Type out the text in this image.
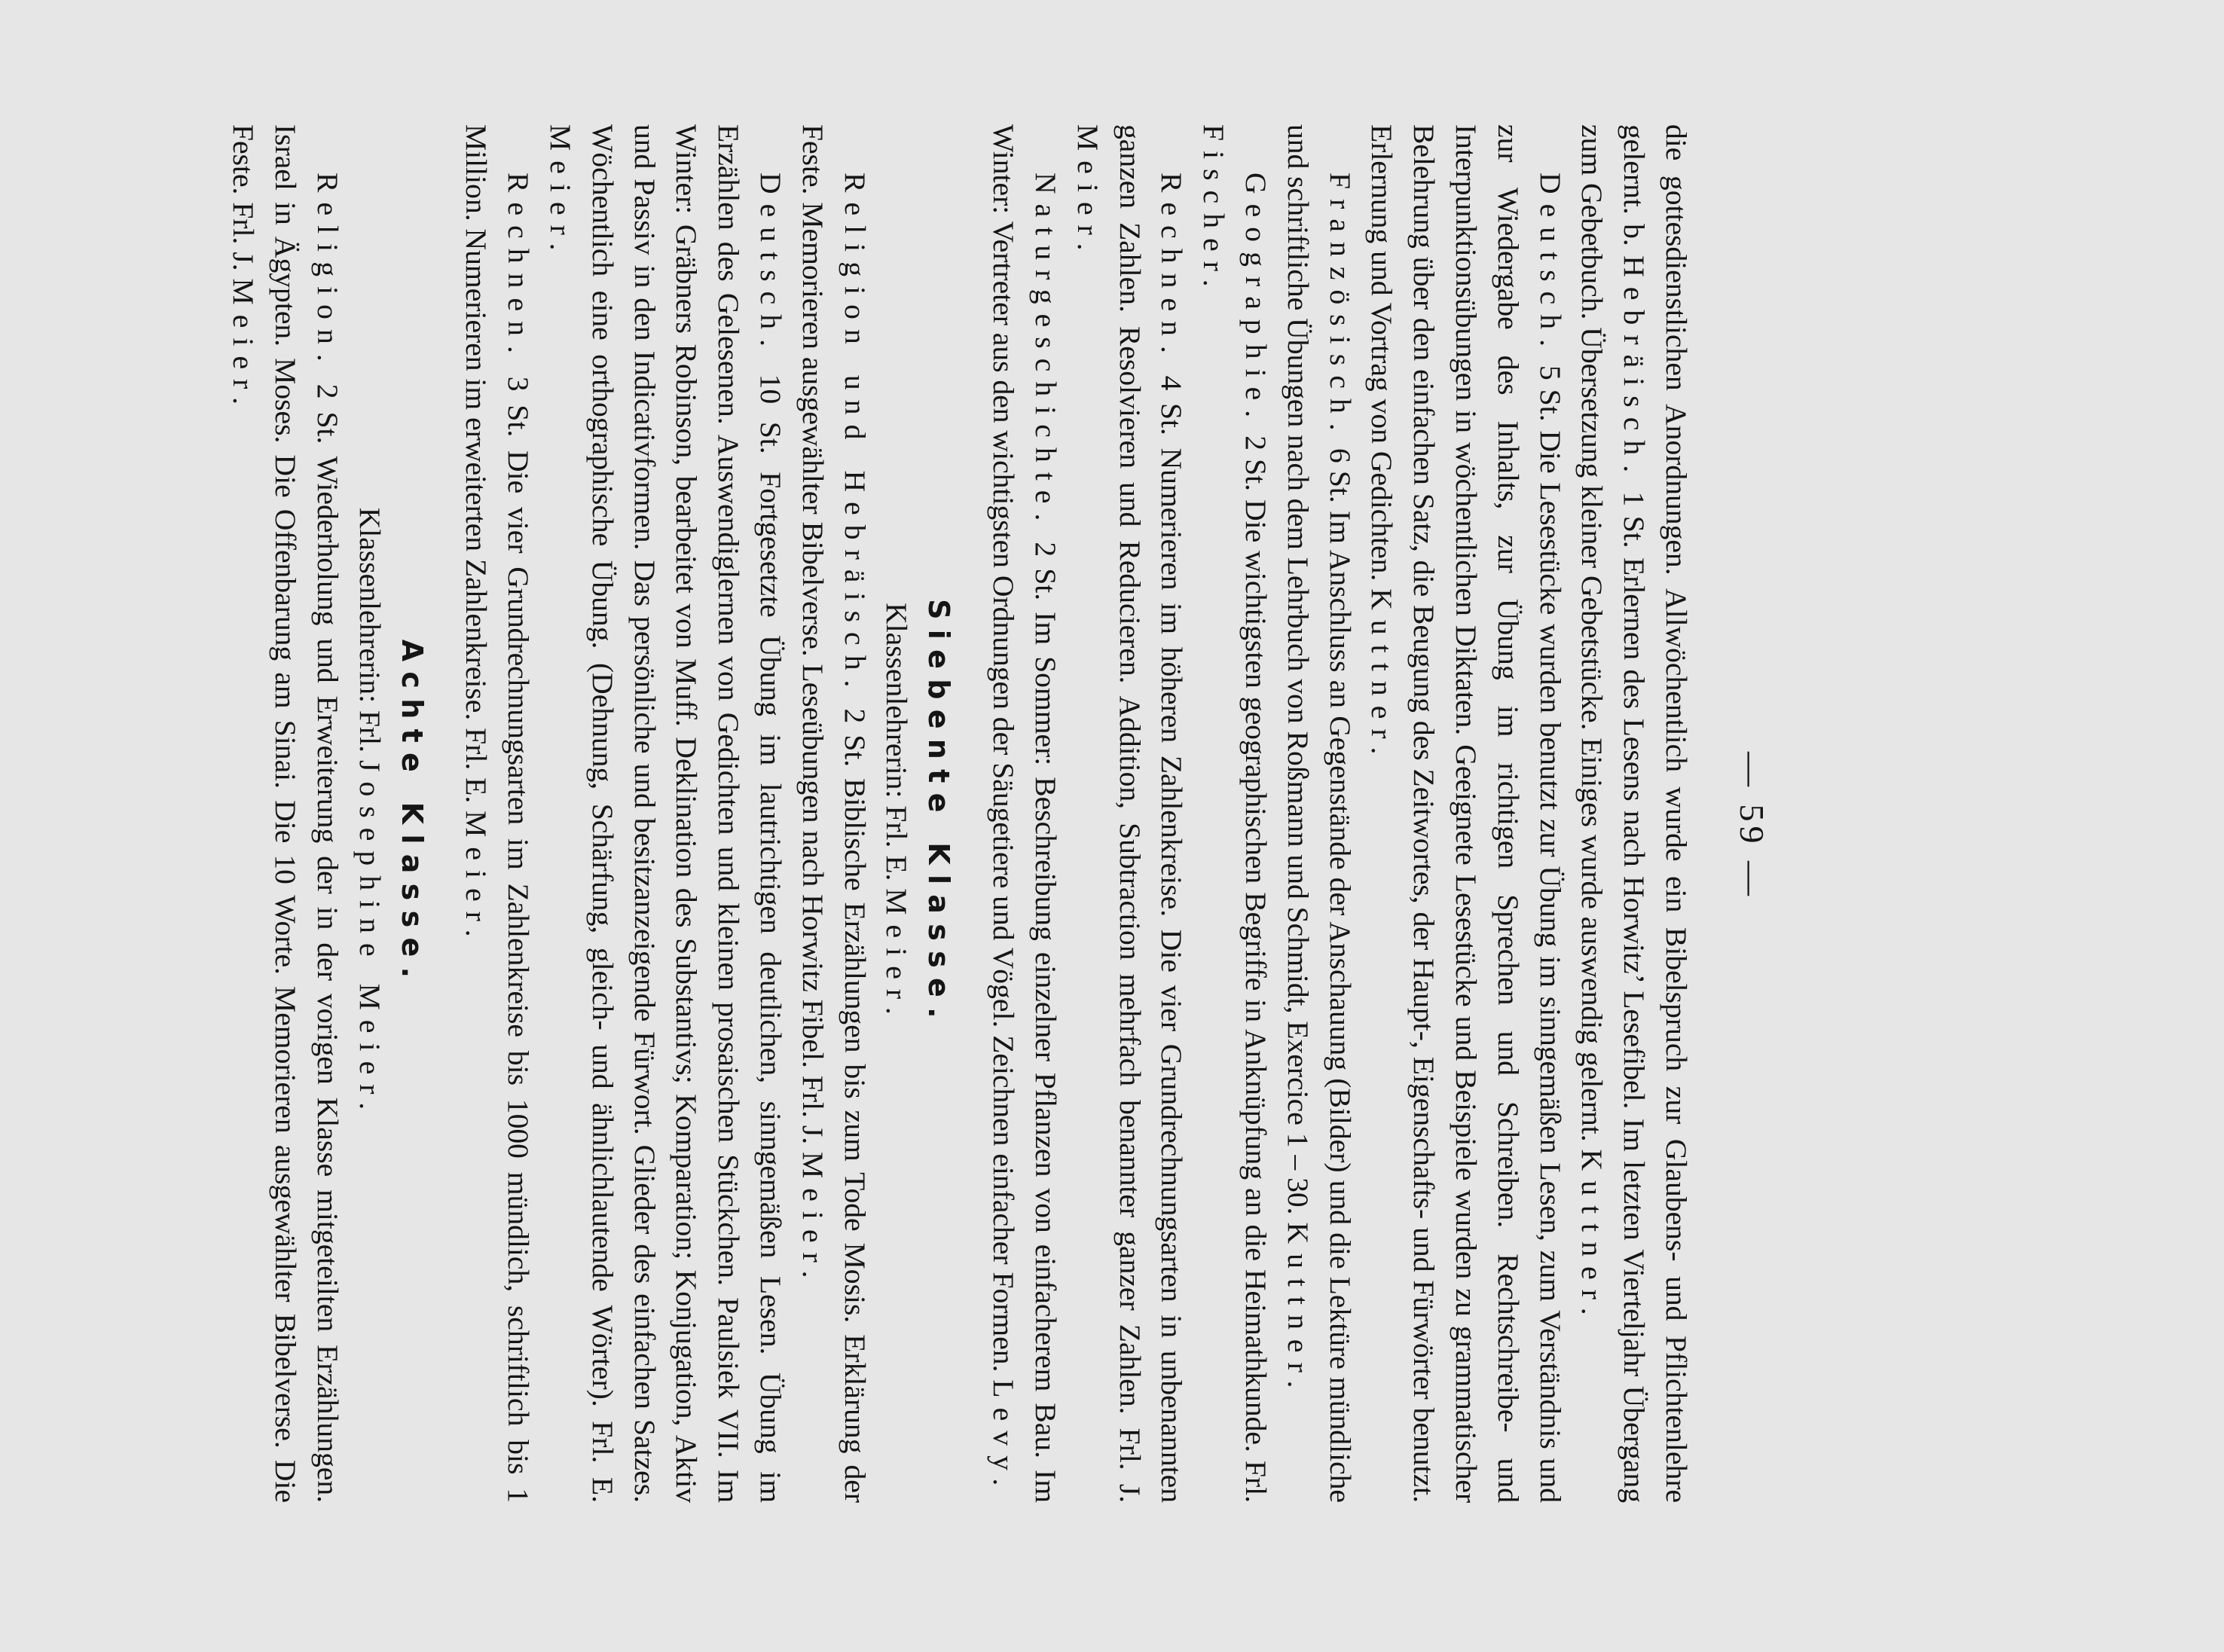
— 59 —

die gottesdienstlichen Anordnungen. Allwöchentlich wurde ein Bibelspruch zur Glaubens- und Pflichtenlehre gelernt. b. Hebräisch. 1 St. Erlernen des Lesens nach Horwitz’ Lesefibel. Im letzten Vierteljahr Übergang zum Gebetbuch. Übersetzung kleiner Gebetstücke. Einiges wurde auswendig gelernt. Kuttner.

Deutsch. 5 St. Die Lesestücke wurden benutzt zur Übung im sinngemäßen Lesen, zum Verständnis und zur Wiedergabe des Inhalts, zur Übung im richtigen Sprechen und Schreiben. Rechtschreibe- und Interpunktionsübungen in wöchentlichen Diktaten. Geeignete Lesestücke und Beispiele wurden zu grammatischer Belehrung über den einfachen Satz, die Beugung des Zeitwortes, der Haupt-, Eigenschafts- und Fürwörter benutzt. Erlernung und Vortrag von Gedichten. Kuttner.

Französisch. 6 St. Im Anschluss an Gegenstände der Anschauung (Bilder) und die Lektüre mündliche und schriftliche Übungen nach dem Lehrbuch von Roßmann und Schmidt, Exercice 1 – 30. Kuttner.

Geographie. 2 St. Die wichtigsten geographischen Begriffe in Anknüpfung an die Heimathkunde. Frl. Fischer.

Rechnen. 4 St. Numerieren im höheren Zahlenkreise. Die vier Grundrechnungsarten in unbenannten ganzen Zahlen. Resolvieren und Reducieren. Addition, Subtraction mehrfach benannter ganzer Zahlen. Frl. J. Meier.

Naturgeschichte. 2 St. Im Sommer: Beschreibung einzelner Pflanzen von einfacherem Bau. Im Winter: Vertreter aus den wichtigsten Ordnungen der Säugetiere und Vögel. Zeichnen einfacher Formen. Levy.

Siebente Klasse.

Klassenlehrerin: Frl. E. Meier.

Religion und Hebräisch. 2 St. Biblische Erzählungen bis zum Tode Mosis. Erklärung der Feste. Memorieren ausgewählter Bibelverse. Leseübungen nach Horwitz Fibel. Frl. J. Meier.

Deutsch. 10 St. Fortgesetzte Übung im lautrichtigen deutlichen, sinngemäßen Lesen. Übung im Erzählen des Gelesenen. Auswendiglernen von Gedichten und kleinen prosaischen Stückchen. Paulsiek VII. Im Winter: Gräbners Robinson, bearbeitet von Muff. Deklination des Substantivs; Komparation; Konjugation, Aktiv und Passiv in den Indicativformen. Das persönliche und besitzanzeigende Fürwort. Glieder des einfachen Satzes. Wöchentlich eine orthographische Übung. (Dehnung, Schärfung, gleich- und ähnlichlautende Wörter). Frl. E. Meier.

Rechnen. 3 St. Die vier Grundrechnungsarten im Zahlenkreise bis 1000 mündlich, schriftlich bis 1 Million. Numerieren im erweiterten Zahlenkreise. Frl. E. Meier.

Achte Klasse.

Klassenlehrerin: Frl. Josephine Meier.

Religion. 2 St. Wiederholung und Erweiterung der in der vorigen Klasse mitgeteilten Erzählungen. Israel in Ägypten. Moses. Die Offenbarung am Sinai. Die 10 Worte. Memorieren ausgewählter Bibelverse. Die Feste. Frl. J. Meier.
